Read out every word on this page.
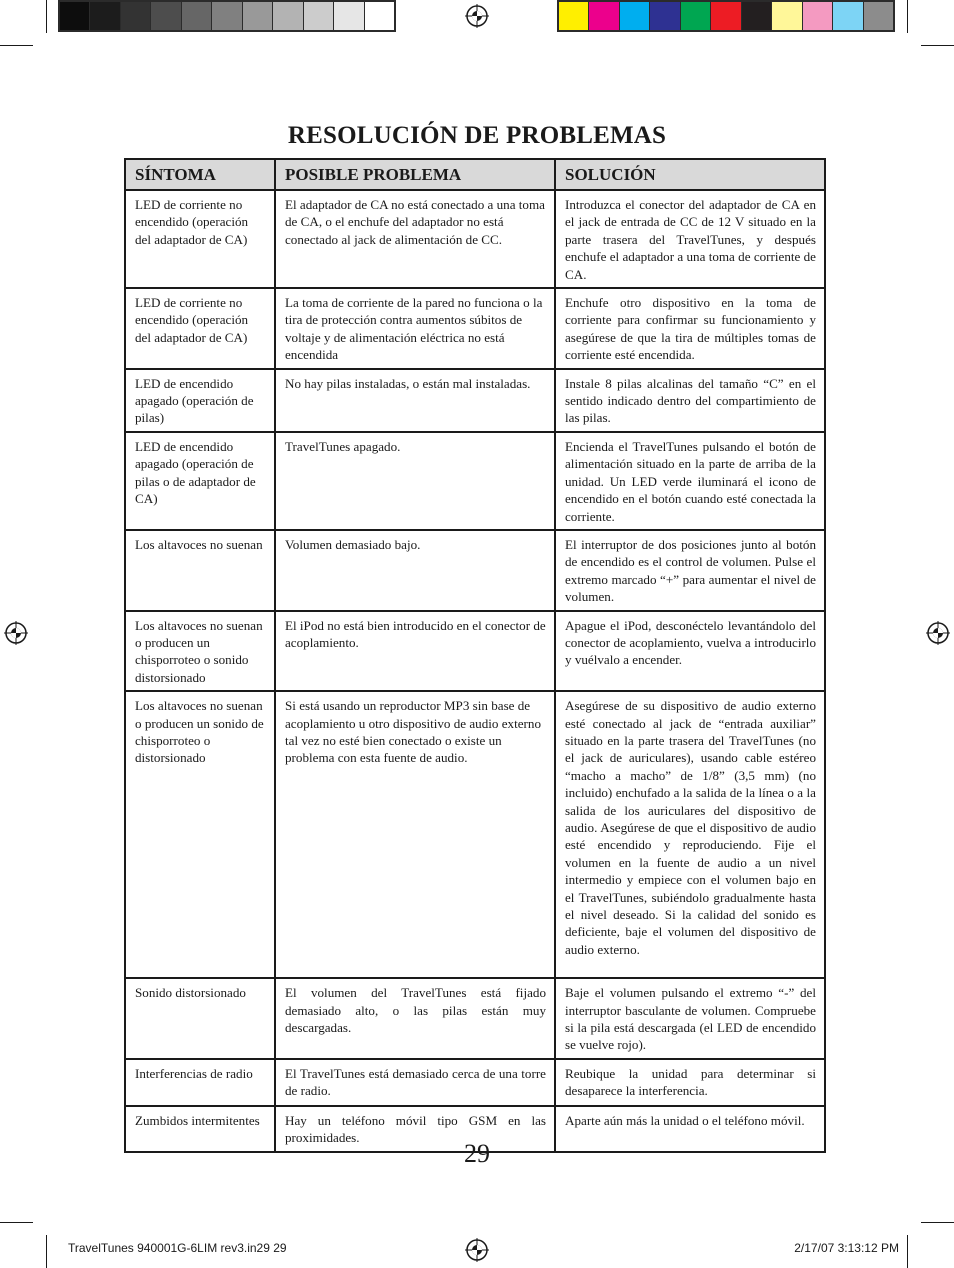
RESOLUCIÓN DE PROBLEMAS
SÍNTOMA	POSIBLE PROBLEMA	SOLUCIÓN
LED de corriente no encendido (operación del adaptador de CA)	El adaptador de CA no está conectado a una toma de CA, o el enchufe del adaptador no está conectado al jack de alimentación de CC.	Introduzca el conector del adaptador de CA en el jack de entrada de CC de 12 V situado en la parte trasera del TravelTunes, y después enchufe el adaptador a una toma de corriente de CA.
LED de corriente no encendido (operación del adaptador de CA)	La toma de corriente de la pared no funciona o la tira de protección contra aumentos súbitos de voltaje y de alimentación eléctrica no está encendida	Enchufe otro dispositivo en la toma de corriente para confirmar su funcionamiento y asegúrese de que la tira de múltiples tomas de corriente esté encendida.
LED de encendido apagado (operación de pilas)	No hay pilas instaladas, o están mal instaladas.	Instale 8 pilas alcalinas del tamaño “C” en el sentido indicado dentro del compartimiento de las pilas.
LED de encendido apagado (operación de pilas o de adaptador de CA)	TravelTunes apagado.	Encienda el TravelTunes pulsando el botón de alimentación situado en la parte de arriba de la unidad. Un LED verde iluminará el icono de encendido en el botón cuando esté conectada la corriente.
Los altavoces no suenan	Volumen demasiado bajo.	El interruptor de dos posiciones junto al botón de encendido es el control de volumen. Pulse el extremo marcado “+” para aumentar el nivel de volumen.
Los altavoces no suenan o producen un chisporroteo o sonido distorsionado	El iPod no está bien introducido en el conector de acoplamiento.	Apague el iPod, desconéctelo levantándolo del conector de acoplamiento, vuelva a introducirlo y vuélvalo a encender.
Los altavoces no suenan o producen un sonido de chisporroteo o distorsionado	Si está usando un reproductor MP3 sin base de acoplamiento u otro dispositivo de audio externo tal vez no esté bien conectado o existe un problema con esta fuente de audio.	Asegúrese de su dispositivo de audio externo esté conectado al jack de “entrada auxiliar” situado en la parte trasera del TravelTunes (no el jack de auriculares), usando cable estéreo “macho a macho” de 1/8” (3,5 mm) (no incluido) enchufado a la salida de la línea o a la salida de los auriculares del dispositivo de audio. Asegúrese de que el dispositivo de audio esté encendido y reproduciendo. Fije el volumen en la fuente de audio a un nivel intermedio y empiece con el volumen bajo en el TravelTunes, subiéndolo gradualmente hasta el nivel deseado. Si la calidad del sonido es deficiente, baje el volumen del dispositivo de audio externo.
Sonido distorsionado	El volumen del TravelTunes está fijado demasiado alto, o las pilas están muy descargadas.	Baje el volumen pulsando el extremo “-” del interruptor basculante de volumen. Compruebe si la pila está descargada (el LED de encendido se vuelve rojo).
Interferencias de radio	El TravelTunes está demasiado cerca de una torre de radio.	Reubique la unidad para determinar si desaparece la interferencia.
Zumbidos intermitentes	Hay un teléfono móvil tipo GSM en las proximidades.	Aparte aún más la unidad o el teléfono móvil.
29
TravelTunes 940001G-6LIM rev3.in29 29	2/17/07 3:13:12 PM
